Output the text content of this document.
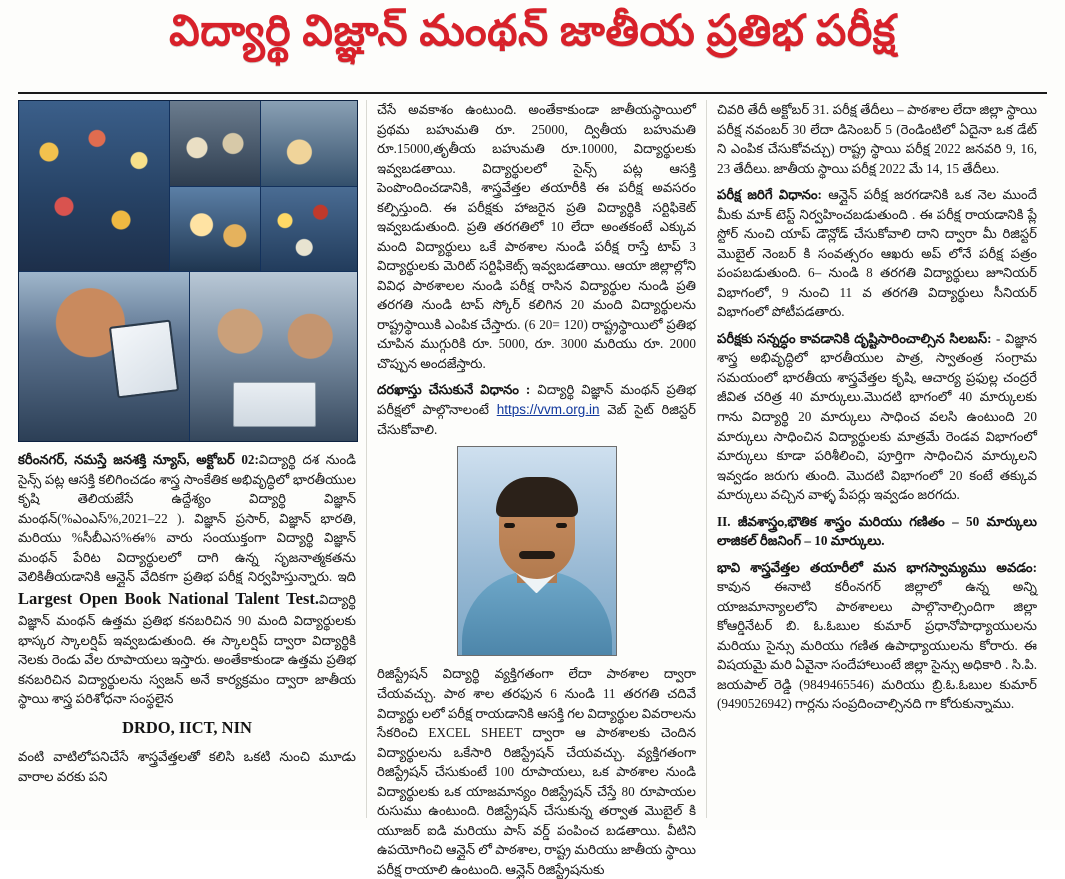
విద్యార్థి విజ్ఞాన్ మంథన్ జాతీయ ప్రతిభ పరీక్ష

కరీంనగర్, నమస్తే జనశక్తి న్యూస్, అక్టోబర్ 02:విద్యార్థి దశ నుండి సైన్స్ పట్ల ఆసక్తి కలిగించడం శాస్త్ర సాంకేతిక అభివృద్ధిలో భారతీయుల కృషి తెలియజేసే ఉద్దేశ్యం విద్యార్థి విజ్ఞాన్ మంథన్(%ఎంఎస్%,2021–22 ). విజ్ఞాన్ ప్రసార్, విజ్ఞాన్ భారతి, మరియు %సీబీఎస%ఈ% వారు సంయుక్తంగా విద్యార్థి విజ్ఞాన్ మంథన్ పేరిట విద్యార్థులలో దాగి ఉన్న సృజనాత్మకతను వెలికితీయడానికి ఆన్లైన్ వేదికగా ప్రతిభ పరీక్ష నిర్వహిస్తున్నారు. ఇది Largest Open Book National Talent Test.విద్యార్థి విజ్ఞాన్ మంథన్ ఉత్తమ ప్రతిభ కనబరిచిన 90 మంది విద్యార్థులకు భాస్కర స్కాలర్షిప్ ఇవ్వబడుతుంది. ఈ స్కాలర్షిప్ ద్వారా విద్యార్థికి నెలకు రెండు వేల రూపాయలు ఇస్తారు. అంతేకాకుండా ఉత్తమ ప్రతిభ కనబరిచిన విద్యార్థులను స్వజన్ అనే కార్యక్రమం ద్వారా జాతీయ స్థాయి శాస్త్ర పరిశోధనా సంస్థలైన

DRDO, IICT, NIN

వంటి వాటిలోపనిచేసే శాస్త్రవేత్తలతో కలిసి ఒకటి నుంచి మూడు వారాల వరకు పని

చేసే అవకాశం ఉంటుంది. అంతేకాకుండా జాతీయస్థాయిలో ప్రథమ బహుమతి రూ. 25000, ద్వితీయ బహుమతి రూ.15000,తృతీయ బహుమతి రూ.10000, విద్యార్థులకు ఇవ్వబడతాయి. విద్యార్థులలో సైన్స్ పట్ల ఆసక్తి పెంపొందించడానికి, శాస్త్రవేత్తల తయారీకి ఈ పరీక్ష అవసరం కల్పిస్తుంది. ఈ పరీక్షకు హాజరైన ప్రతి విద్యార్థికి సర్టిఫికెట్ ఇవ్వబడుతుంది. ప్రతి తరగతిలో 10 లేదా అంతకంటే ఎక్కువ మంది విద్యార్థులు ఒకే పాఠశాల నుండి పరీక్ష రాస్తే టాప్ 3 విద్యార్థులకు మెరిట్ సర్టిఫికెట్స్ ఇవ్వబడతాయి. ఆయా జిల్లాల్లోని వివిధ పాఠశాలల నుండి పరీక్ష రాసిన విద్యార్థుల నుండి ప్రతి తరగతి నుండి టాప్ స్కోర్ కలిగిన 20 మంది విద్యార్థులను రాష్ట్రస్థాయికి ఎంపిక చేస్తారు. (6 20= 120) రాష్ట్రస్థాయిలో ప్రతిభ చూపిన ముగ్గురికి రూ. 5000, రూ. 3000 మరియు రూ. 2000 చొప్పున అందజేస్తారు.

దరఖాస్తు చేసుకునే విధానం : విద్యార్థి విజ్ఞాన్ మంథన్ ప్రతిభ పరీక్షలో పాల్గొనాలంటే https://vvm.org.in వెబ్ సైట్ రిజిస్టర్ చేసుకోవాలి.

రిజిస్ట్రేషన్ విద్యార్థి వ్యక్తిగతంగా లేదా పాఠశాల ద్వారా చేయవచ్చు. పాఠ శాల తరఫున 6 నుండి 11 తరగతి చదివే విద్యార్థు లలో పరీక్ష రాయడానికి ఆసక్తి గల విద్యార్థుల వివరాలను సేకరించి EXCEL SHEET ద్వారా ఆ పాఠశాలకు చెందిన విద్యార్థులను ఒకేసారి రిజిస్ట్రేషన్ చేయవచ్చు. వ్యక్తిగతంగా రిజిస్ట్రేషన్ చేసుకుంటే 100 రూపాయలు, ఒక పాఠశాల నుండి విద్యార్థులకు ఒక యాజమాన్యం రిజిస్ట్రేషన్ చేస్తే 80 రూపాయల రుసుము ఉంటుంది. రిజిస్ట్రేషన్ చేసుకున్న తర్వాత మొబైల్ కి యూజర్ ఐడి మరియు పాస్ వర్డ్ పంపించ బడతాయి. వీటిని ఉపయోగించి ఆన్లైన్ లో పాఠశాల, రాష్ట్ర మరియు జాతీయ స్థాయి పరీక్ష రాయాలి ఉంటుంది. ఆన్లైన్ రిజిస్ట్రేషనుకు

చివరి తేదీ అక్టోబర్ 31. పరీక్ష తేదీలు – పాఠశాల లేదా జిల్లా స్థాయి పరీక్ష నవంబర్ 30 లేదా డిసెంబర్ 5 (రెండింటిలో ఏదైనా ఒక డేట్ ని ఎంపిక చేసుకోవచ్చు) రాష్ట్ర స్థాయి పరీక్ష 2022 జనవరి 9, 16, 23 తేదీలు. జాతీయ స్థాయి పరీక్ష 2022 మే 14, 15 తేదీలు.

పరీక్ష జరిగే విధానం: ఆన్లైన్ పరీక్ష జరగడానికి ఒక నెల ముందే మీకు మాక్ టెస్ట్ నిర్వహించబడుతుంది . ఈ పరీక్ష రాయడానికి ప్లే స్టోర్ నుంచి యాప్ డౌన్లోడ్ చేసుకోవాలి దాని ద్వారా మీ రిజిస్టర్ మొబైల్ నెంబర్ కి సంవత్సరం ఆఖరు అప్ లోనే పరీక్ష పత్రం పంపబడుతుంది. 6– నుండి 8 తరగతి విద్యార్థులు జూనియర్ విభాగంలో, 9 నుంచి 11 వ తరగతి విద్యార్థులు సీనియర్ విభాగంలో పోటీపడతారు.

పరీక్షకు సన్నద్ధం కావడానికి దృష్టిసారించాల్సిన సిలబస్: - విజ్ఞాన శాస్త్ర అభివృద్ధిలో భారతీయుల పాత్ర, స్వాతంత్ర సంగ్రామ సమయంలో భారతీయ శాస్త్రవేత్తల కృషి, ఆచార్య ప్రఫుల్ల చంద్రరే జీవిత చరిత్ర 40 మార్కులు.మొదటి భాగంలో 40 మార్కులకు గాను విద్యార్థి 20 మార్కులు సాధించ వలసి ఉంటుంది 20 మార్కులు సాధించిన విద్యార్థులకు మాత్రమే రెండవ విభాగంలో మార్కులు కూడా పరిశీలించి, పూర్తిగా సాధించిన మార్కులని ఇవ్వడం జరుగు తుంది. మొదటి విభాగంలో 20 కంటే తక్కువ మార్కులు వచ్చిన వాళ్ళ పేపర్లు ఇవ్వడం జరగదు.

II. జీవశాస్త్రం,భౌతిక శాస్త్రం మరియు గణితం – 50 మార్కులు లాజికల్ రీజనింగ్ – 10 మార్కులు.

భావి శాస్త్రవేత్తల తయారీలో మన భాగస్వామ్యము అవడం: కావున ఈనాటి కరీంనగర్ జిల్లాలో ఉన్న అన్ని యాజమాన్యాలలోని పాఠశాలలు పాల్గొనాల్సిందిగా జిల్లా కోఆర్డినేటర్ బి. ఓ.ఓబుల కుమార్ ప్రధానోపాధ్యాయులను మరియు సైన్సు మరియు గణిత ఉపాధ్యాయులను కోరారు. ఈ విషయమై మరి ఏవైనా సందేహాలుంటే జిల్లా సైన్సు అధికారి . సి.పి. జయపాల్ రెడ్డి (9849465546) మరియు బ్రి.ఓ.ఓబుల కుమార్ (9490526942) గార్లను సంప్రదించాల్సినది గా కోరుకున్నాము.
